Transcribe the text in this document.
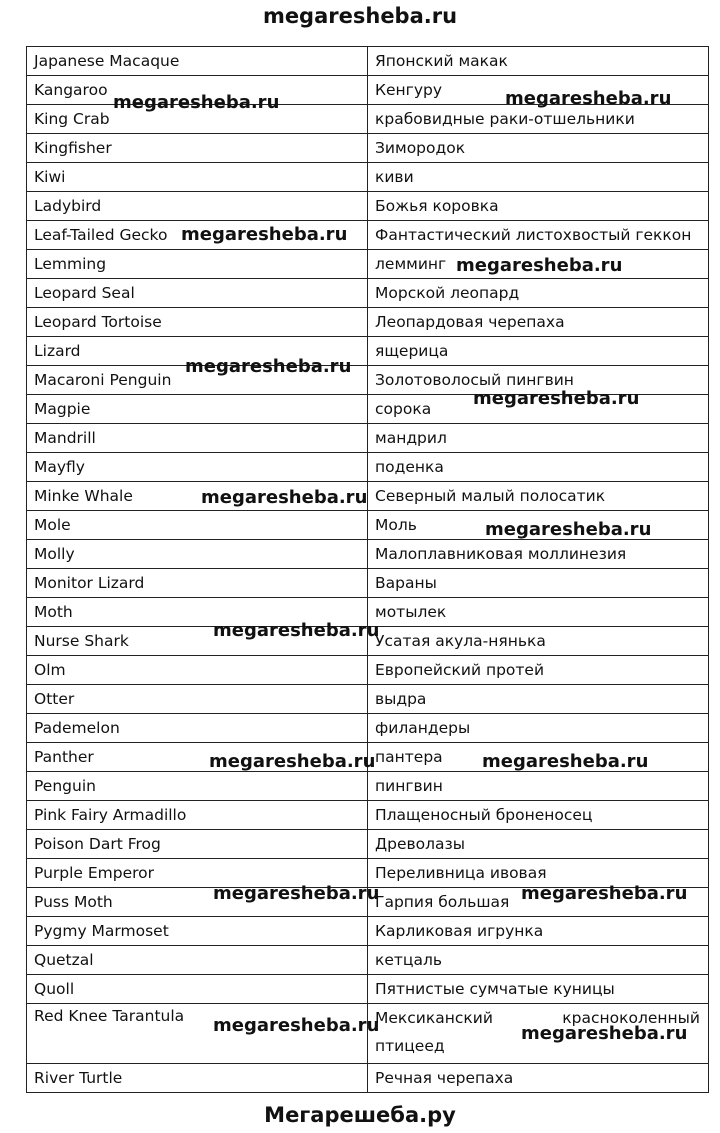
megaresheba.ru
Japanese Macaque	Японский макак
Kangaroo	Кенгуру
King Crab	крабовидные раки-отшельники
Kingfisher	Зимородок
Kiwi	киви
Ladybird	Божья коровка
Leaf-Tailed Gecko	Фантастический листохвостый геккон
Lemming	лемминг
Leopard Seal	Морской леопард
Leopard Tortoise	Леопардовая черепаха
Lizard	ящерица
Macaroni Penguin	Золотоволосый пингвин
Magpie	сорока
Mandrill	мандрил
Mayfly	поденка
Minke Whale	Северный малый полосатик
Mole	Моль
Molly	Малоплавниковая моллинезия
Monitor Lizard	Вараны
Moth	мотылек
Nurse Shark	Усатая акула-нянька
Olm	Европейский протей
Otter	выдра
Pademelon	филандеры
Panther	пантера
Penguin	пингвин
Pink Fairy Armadillo	Плащеносный броненосец
Poison Dart Frog	Древолазы
Purple Emperor	Переливница ивовая
Puss Moth	Гарпия большая
Pygmy Marmoset	Карликовая игрунка
Quetzal	кетцаль
Quoll	Пятнистые сумчатые куницы
Red Knee Tarantula	Мексиканский красноколенный птицеед
River Turtle	Речная черепаха
megaresheba.ru	megaresheba.ru
megaresheba.ru
megaresheba.ru
megaresheba.ru
megaresheba.ru
megaresheba.ru
megaresheba.ru
megaresheba.ru
megaresheba.ru	megaresheba.ru
megaresheba.ru	megaresheba.ru
megaresheba.ru	megaresheba.ru
Мегарешеба.ру
